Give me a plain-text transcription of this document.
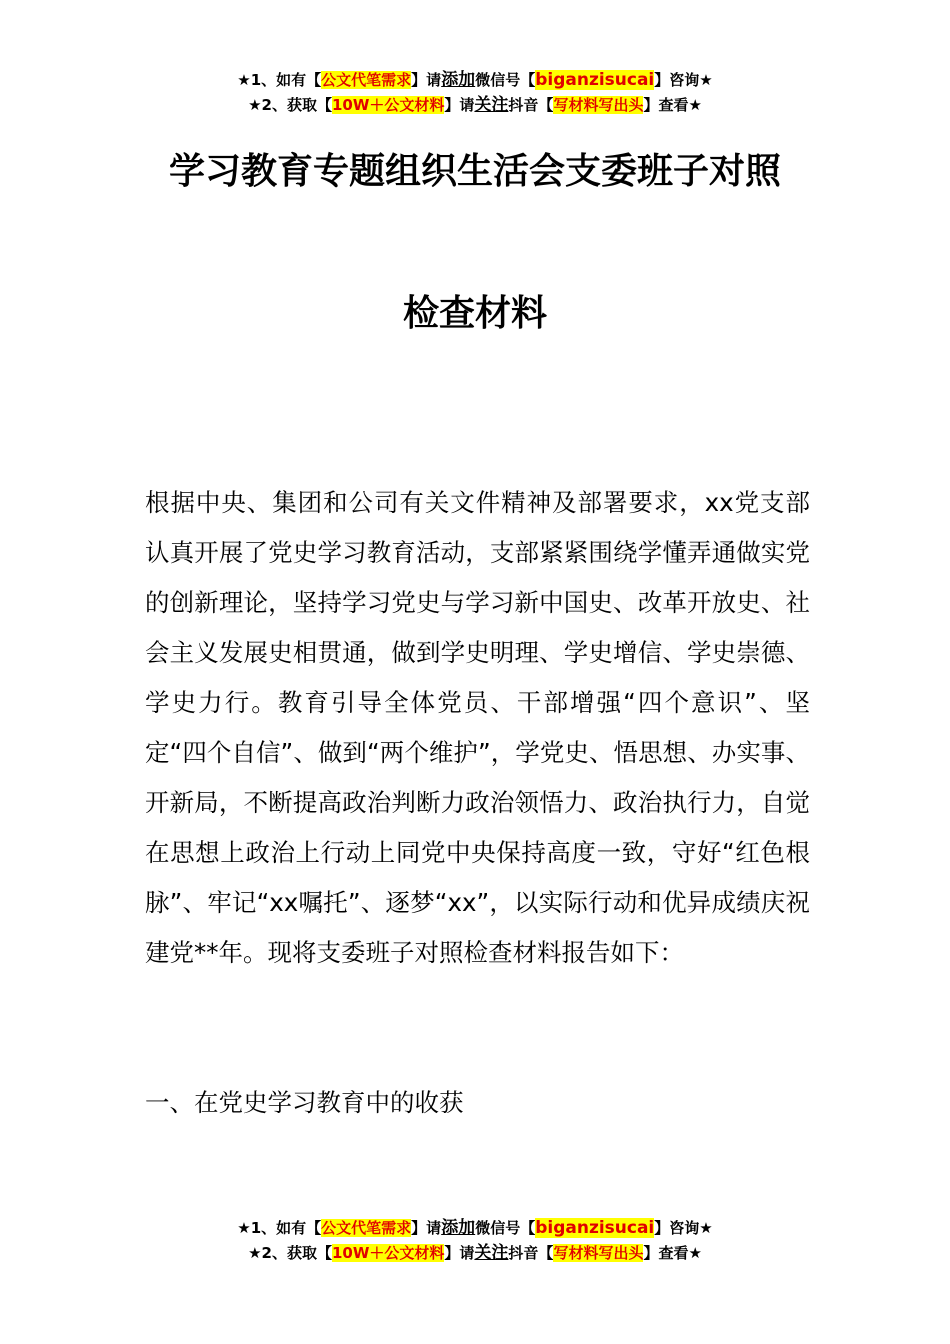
★1、如有【公文代笔需求】请添加微信号【biganzisucai】咨询★
★2、获取【10W＋公文材料】请关注抖音【写材料写出头】查看★
学习教育专题组织生活会支委班子对照
检查材料
根据中央、集团和公司有关文件精神及部署要求，xx党支部认真开展了党史学习教育活动，支部紧紧围绕学懂弄通做实党的创新理论，坚持学习党史与学习新中国史、改革开放史、社会主义发展史相贯通，做到学史明理、学史增信、学史崇德、学史力行。教育引导全体党员、干部增强“四个意识”、坚定“四个自信”、做到“两个维护”，学党史、悟思想、办实事、开新局，不断提高政治判断力政治领悟力、政治执行力，自觉在思想上政治上行动上同党中央保持高度一致，守好“红色根脉”、牢记“xx嘱托”、逐梦“xx”，以实际行动和优异成绩庆祝建党**年。现将支委班子对照检查材料报告如下：
一、在党史学习教育中的收获
★1、如有【公文代笔需求】请添加微信号【biganzisucai】咨询★
★2、获取【10W＋公文材料】请关注抖音【写材料写出头】查看★
